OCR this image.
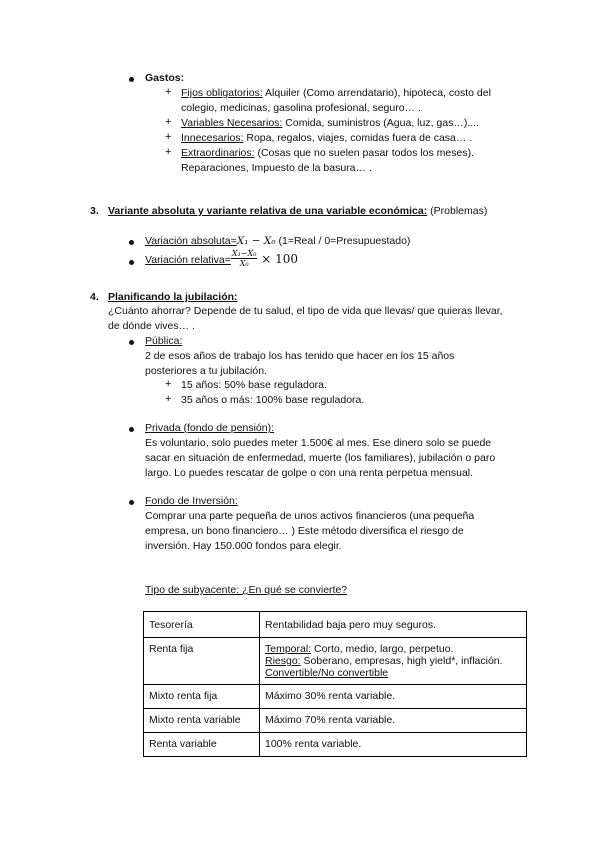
Gastos:
+ Fijos obligatorios: Alquiler (Como arrendatario), hipoteca, costo del
colegio, medicinas, gasolina profesional, seguro… .
+ Variables Necesarios: Comida, suministros (Agua, luz, gas…)....
+ Innecesarios: Ropa, regalos, viajes, comidas fuera de casa… .
+ Extraordinarios: (Cosas que no suelen pasar todos los meses).
Reparaciones, Impuesto de la basura… .
3. Variante absoluta y variante relativa de una variable económica: (Problemas)
Variación absoluta=X₁ − X₀ (1=Real / 0=Presupuestado)
Variación relativa= $\frac{\text{X₁−X₀}}{\text{X₀}} \times 100$
4. Planificando la jubilación:
¿Cuánto ahorrar? Depende de tu salud, el tipo de vida que llevas/ que quieras llevar,
de dónde vives… .
Pública:
2 de esos años de trabajo los has tenido que hacer en los 15 años
posteriores a tu jubilación.
+ 15 años: 50% base reguladora.
+ 35 años o más: 100% base reguladora.
Privada (fondo de pensión):
Es voluntario, solo puedes meter 1.500€ al mes. Ese dinero solo se puede
sacar en situación de enfermedad, muerte (los familiares), jubilación o paro
largo. Lo puedes rescatar de golpe o con una renta perpetua mensual.
Fondo de Inversión:
Comprar una parte pequeña de unos activos financieros (una pequeña
empresa, un bono financiero… ) Este método diversifica el riesgo de
inversión. Hay 150.000 fondos para elegir.
Tipo de subyacente: ¿En qué se convierte?
Tesorería	Rentabilidad baja pero muy seguros.
Renta fija	Temporal: Corto, medio, largo, perpetuo.
Riesgo: Soberano, empresas, high yield*, inflación.
Convertible/No convertible

Mixto renta fija	Máximo 30% renta variable.
Mixto renta variable	Máximo 70% renta variable.
Renta variable	100% renta variable.
